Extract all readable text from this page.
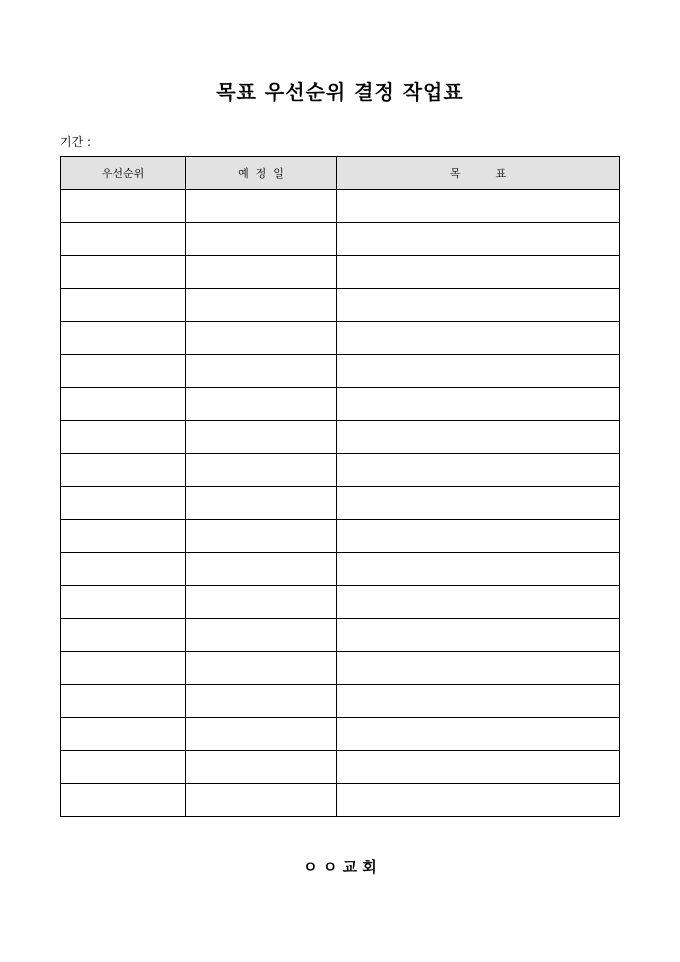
목표 우선순위 결정 작업표
기간 :
우선순위	예  정  일	목          표

ㅇ ㅇ 교 회
